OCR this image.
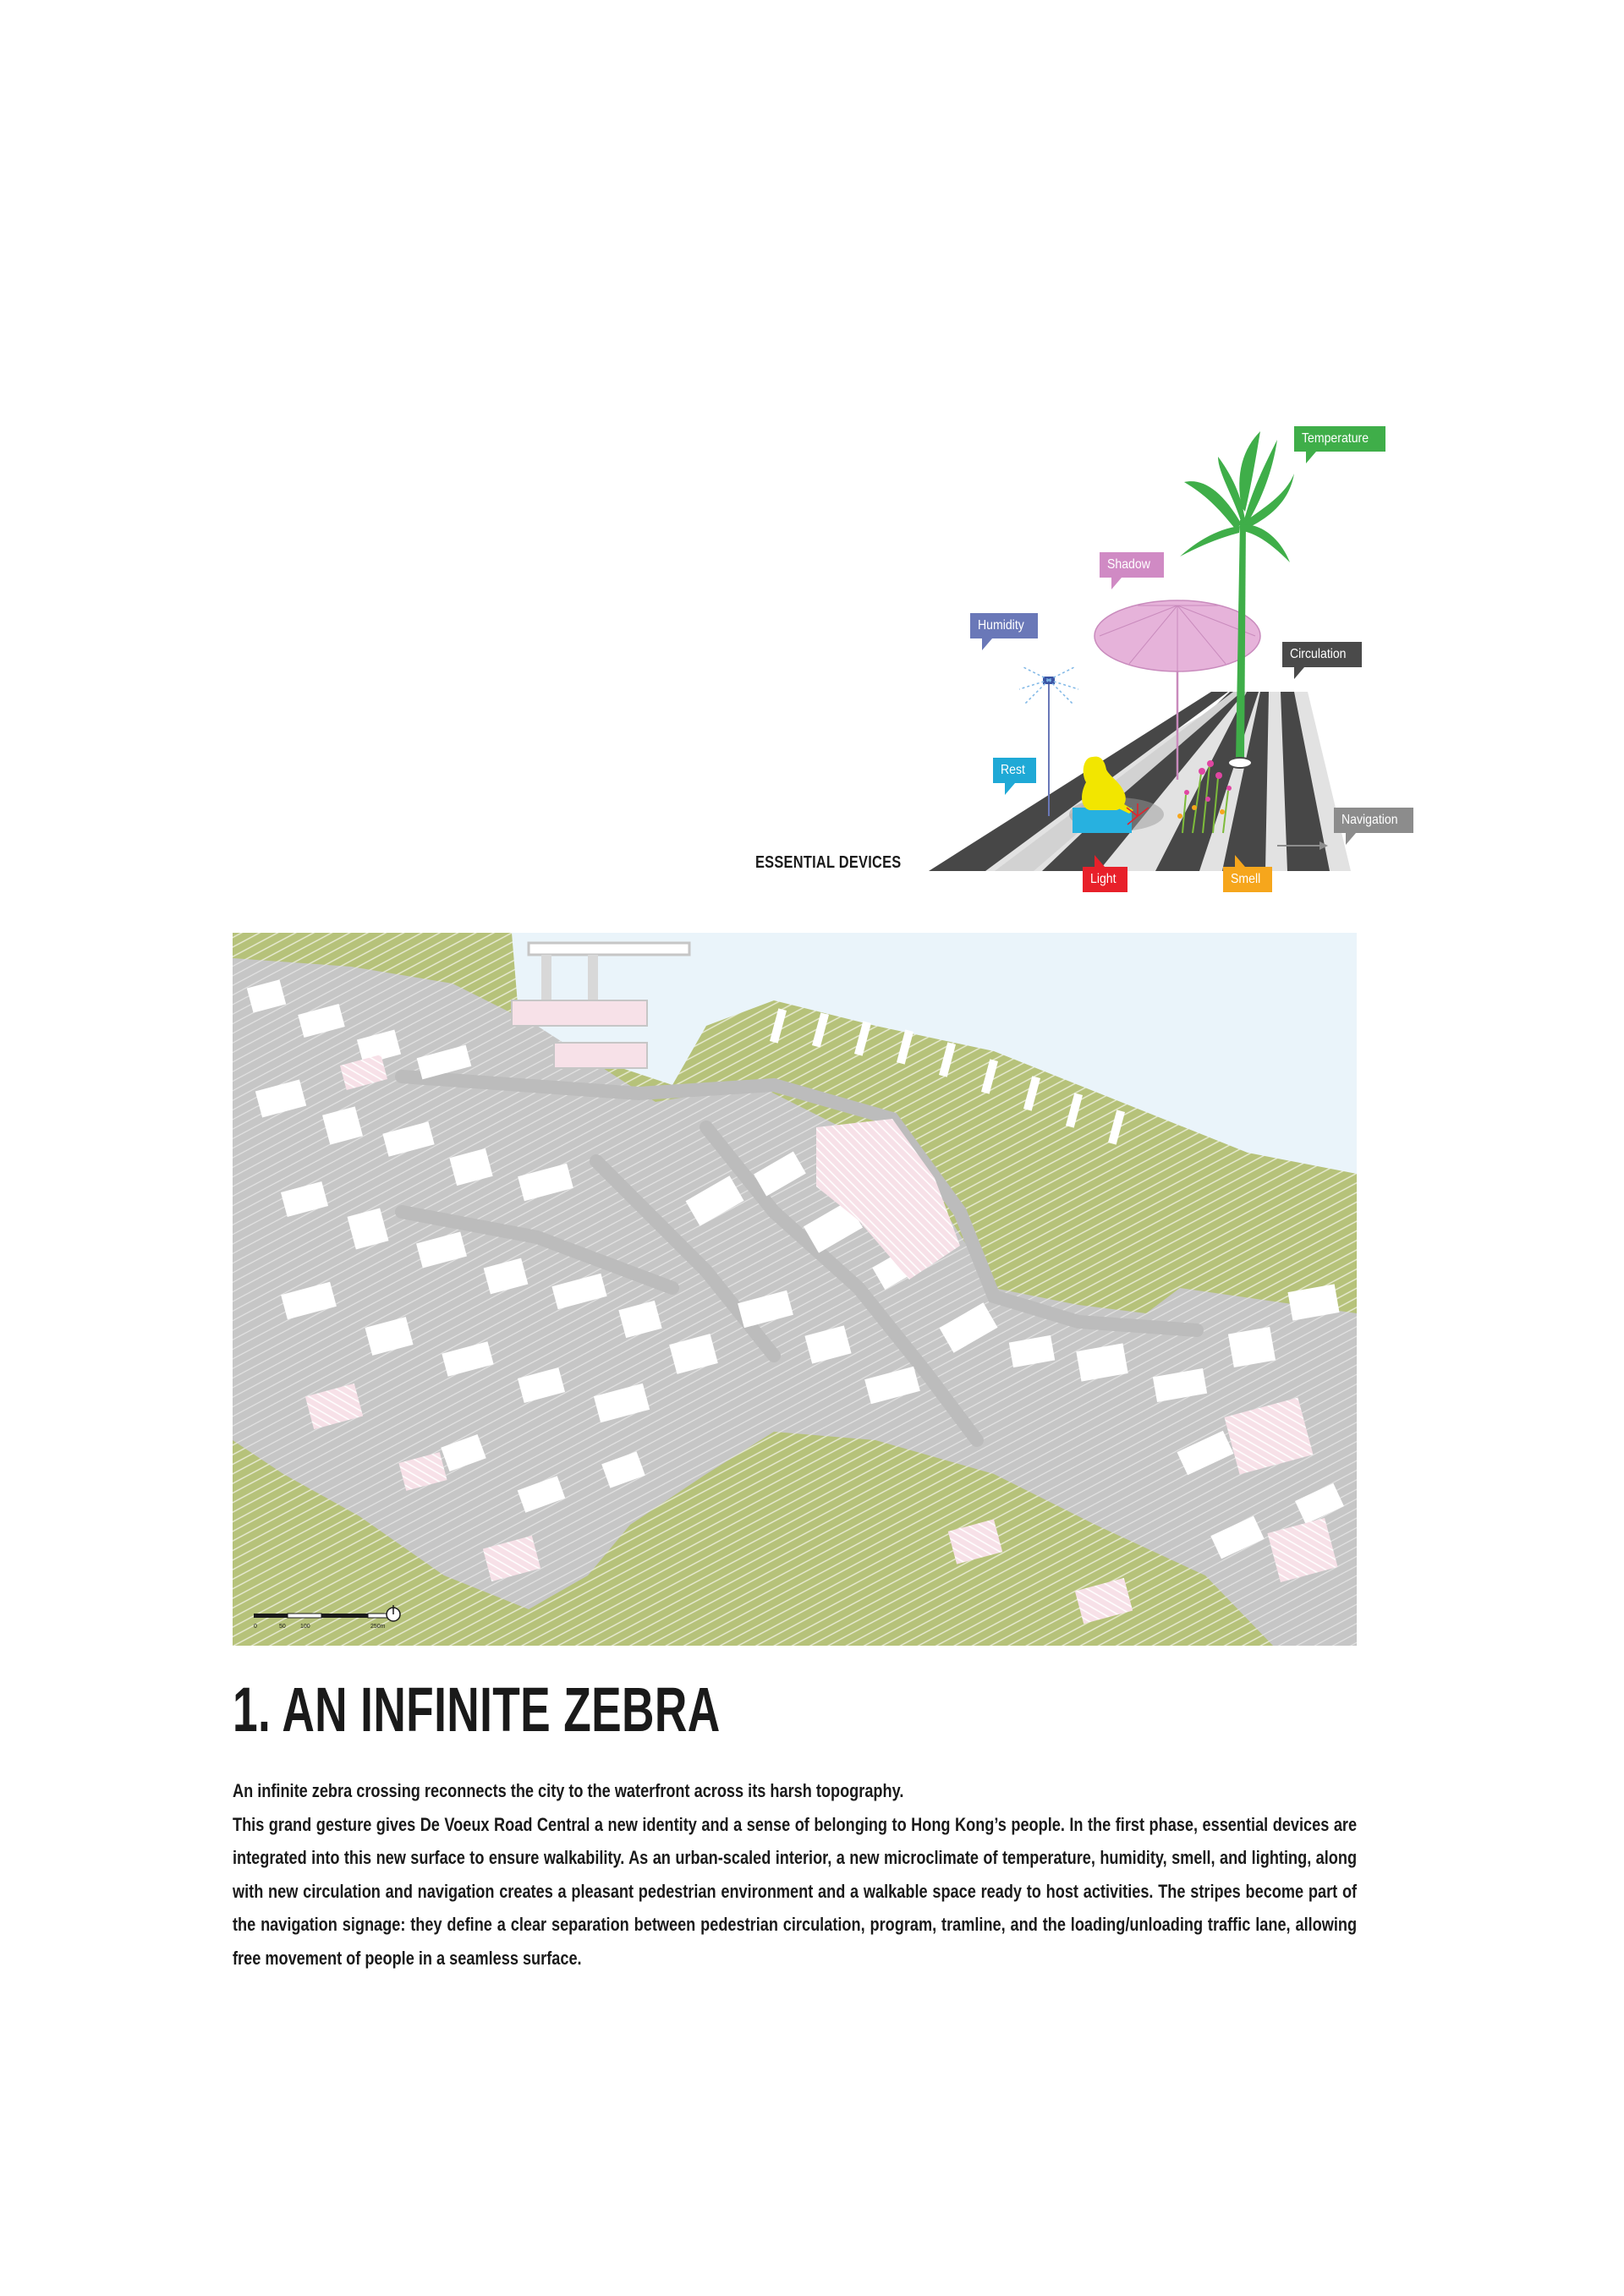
ESSENTIAL DEVICES
Temperature
Shadow
Humidity
Circulation
Rest
Navigation
Light	Smell
0	50 100	250m
1. AN INFINITE ZEBRA
An infinite zebra crossing reconnects the city to the waterfront across its harsh topography.
This grand gesture gives De Voeux Road Central a new identity and a sense of belonging to Hong Kong’s people. In the first phase, essential devices are integrated into this new surface to ensure walkability. As an urban-scaled interior, a new microclimate of temperature, humidity, smell, and lighting, along with new circulation and navigation creates a pleasant pedestrian environment and a walkable space ready to host activities. The stripes become part of the navigation signage: they define a clear separation between pedestrian circulation, program, tramline, and the loading/unloading traffic lane, allowing free movement of people in a seamless surface.
